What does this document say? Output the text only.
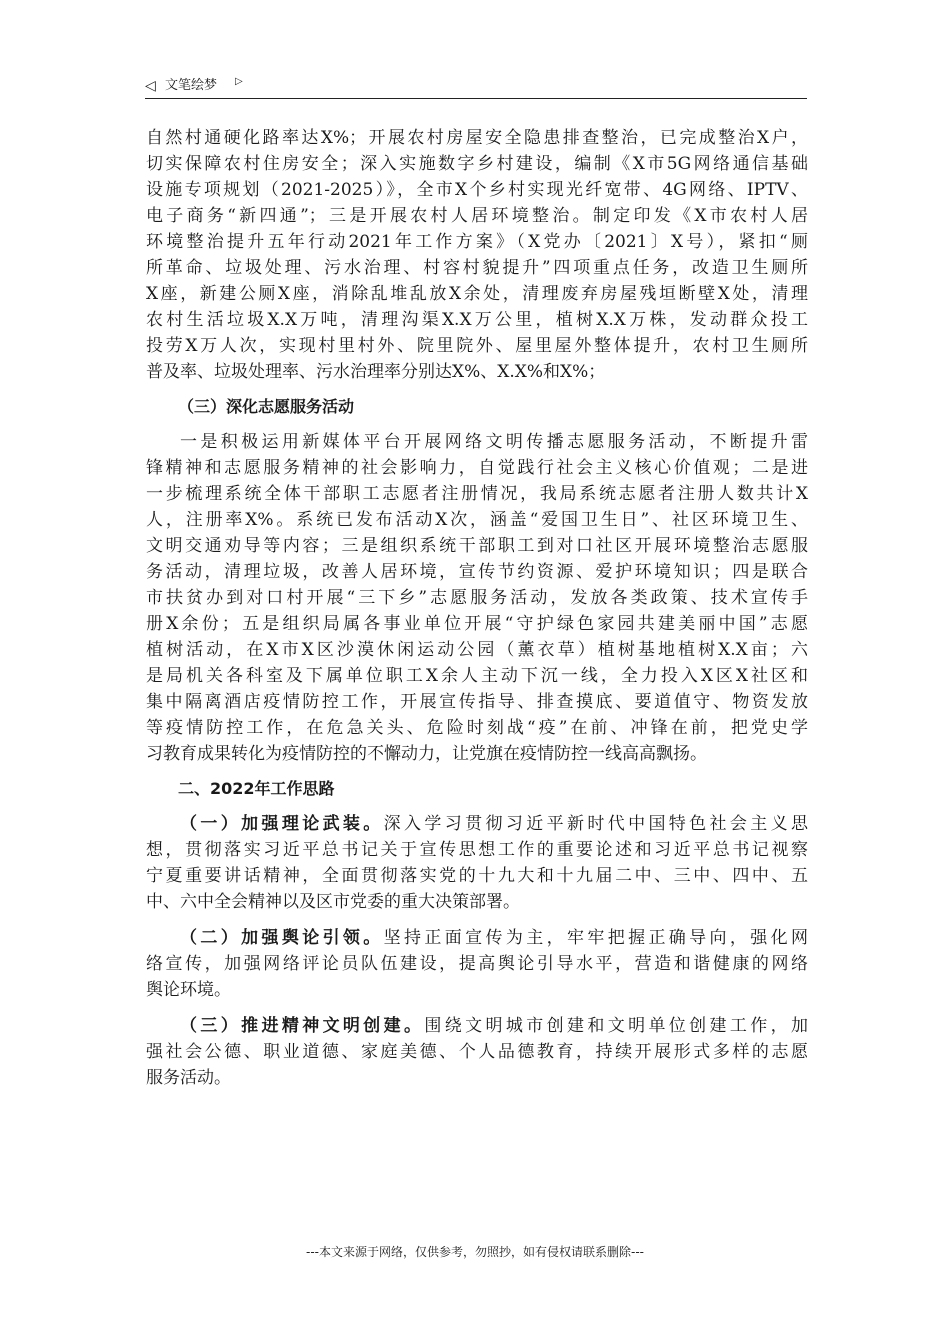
◁ 文笔绘梦 ▷
自然村通硬化路率达X%；开展农村房屋安全隐患排查整治，已完成整治X户，
切实保障农村住房安全；深入实施数字乡村建设，编制《X市5G网络通信基础
设施专项规划（2021-2025）》，全市X个乡村实现光纤宽带、4G网络、IPTV、
电子商务“新四通”；三是开展农村人居环境整治。制定印发《X市农村人居
环境整治提升五年行动2021年工作方案》（X党办〔2021〕X号），紧扣“厕
所革命、垃圾处理、污水治理、村容村貌提升”四项重点任务，改造卫生厕所
X座，新建公厕X座，消除乱堆乱放X余处，清理废弃房屋残垣断壁X处，清理
农村生活垃圾X.X万吨，清理沟渠X.X万公里，植树X.X万株，发动群众投工
投劳X万人次，实现村里村外、院里院外、屋里屋外整体提升，农村卫生厕所
普及率、垃圾处理率、污水治理率分别达X%、X.X%和X%；
（三）深化志愿服务活动
一是积极运用新媒体平台开展网络文明传播志愿服务活动，不断提升雷
锋精神和志愿服务精神的社会影响力，自觉践行社会主义核心价值观；二是进
一步梳理系统全体干部职工志愿者注册情况，我局系统志愿者注册人数共计X
人，注册率X%。系统已发布活动X次，涵盖“爱国卫生日”、社区环境卫生、
文明交通劝导等内容；三是组织系统干部职工到对口社区开展环境整治志愿服
务活动，清理垃圾，改善人居环境，宣传节约资源、爱护环境知识；四是联合
市扶贫办到对口村开展“三下乡”志愿服务活动，发放各类政策、技术宣传手
册X余份；五是组织局属各事业单位开展“守护绿色家园共建美丽中国”志愿
植树活动，在X市X区沙漠休闲运动公园（薰衣草）植树基地植树X.X亩；六
是局机关各科室及下属单位职工X余人主动下沉一线，全力投入X区X社区和
集中隔离酒店疫情防控工作，开展宣传指导、排查摸底、要道值守、物资发放
等疫情防控工作，在危急关头、危险时刻战“疫”在前、冲锋在前，把党史学
习教育成果转化为疫情防控的不懈动力，让党旗在疫情防控一线高高飘扬。
二、2022年工作思路
（一）加强理论武装。深入学习贯彻习近平新时代中国特色社会主义思
想，贯彻落实习近平总书记关于宣传思想工作的重要论述和习近平总书记视察
宁夏重要讲话精神，全面贯彻落实党的十九大和十九届二中、三中、四中、五
中、六中全会精神以及区市党委的重大决策部署。
（二）加强舆论引领。坚持正面宣传为主，牢牢把握正确导向，强化网
络宣传，加强网络评论员队伍建设，提高舆论引导水平，营造和谐健康的网络
舆论环境。
（三）推进精神文明创建。围绕文明城市创建和文明单位创建工作，加
强社会公德、职业道德、家庭美德、个人品德教育，持续开展形式多样的志愿
服务活动。
---本文来源于网络，仅供参考，勿照抄，如有侵权请联系删除---
